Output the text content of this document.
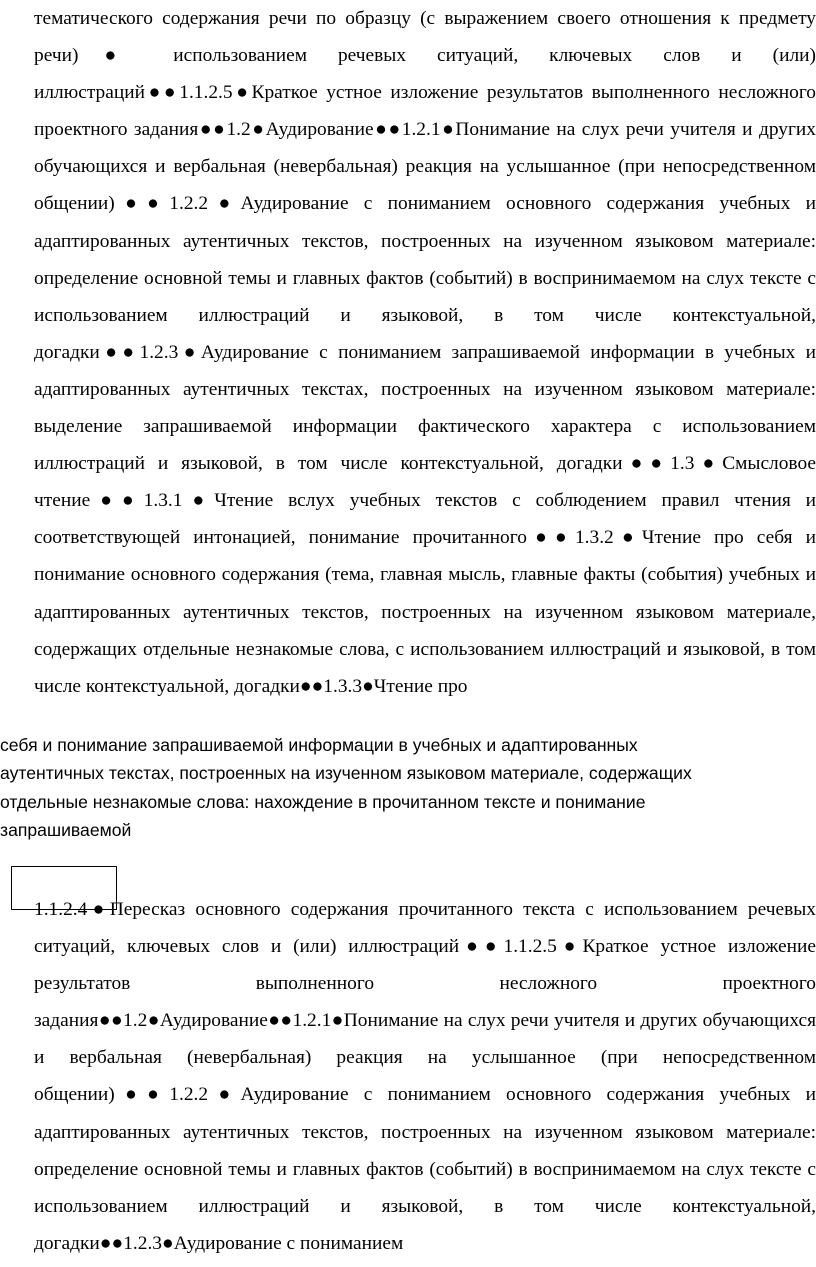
тематического содержания речи по образцу (с выражением своего отношения к предмету речи)● использованием речевых ситуаций, ключевых слов и (или) иллюстраций●●1.1.2.5●Краткое устное изложение результатов выполненного несложного проектного задания●●1.2●Аудирование●●1.2.1●Понимание на слух речи учителя и других обучающихся и вербальная (невербальная) реакция на услышанное (при непосредственном общении)●●1.2.2●Аудирование с пониманием основного содержания учебных и адаптированных аутентичных текстов, построенных на изученном языковом материале: определение основной темы и главных фактов (событий) в воспринимаемом на слух тексте с использованием иллюстраций и языковой, в том числе контекстуальной, догадки●●1.2.3●Аудирование с пониманием запрашиваемой информации в учебных и адаптированных аутентичных текстах, построенных на изученном языковом материале: выделение запрашиваемой информации фактического характера с использованием иллюстраций и языковой, в том числе контекстуальной, догадки●●1.3●Смысловое чтение●●1.3.1●Чтение вслух учебных текстов с соблюдением правил чтения и соответствующей интонацией, понимание прочитанного●●1.3.2●Чтение про себя и понимание основного содержания (тема, главная мысль, главные факты (события) учебных и адаптированных аутентичных текстов, построенных на изученном языковом материале, содержащих отдельные незнакомые слова, с использованием иллюстраций и языковой, в том числе контекстуальной, догадки●●1.3.3●Чтение про

себя и понимание запрашиваемой информации в учебных и адаптированных
аутентичных текстах, построенных на изученном языковом материале, содержащих
отдельные незнакомые слова: нахождение в прочитанном тексте и понимание
запрашиваемой

1.1.2.4●Пересказ основного содержания прочитанного текста с использованием речевых ситуаций, ключевых слов и (или) иллюстраций●●1.1.2.5●Краткое устное изложение результатов выполненного несложного проектного задания●●1.2●Аудирование●●1.2.1●Понимание на слух речи учителя и других обучающихся и вербальная (невербальная) реакция на услышанное (при непосредственном общении)●●1.2.2●Аудирование с пониманием основного содержания учебных и адаптированных аутентичных текстов, построенных на изученном языковом материале: определение основной темы и главных фактов (событий) в воспринимаемом на слух тексте с использованием иллюстраций и языковой, в том числе контекстуальной, догадки●●1.2.3●Аудирование с пониманием
